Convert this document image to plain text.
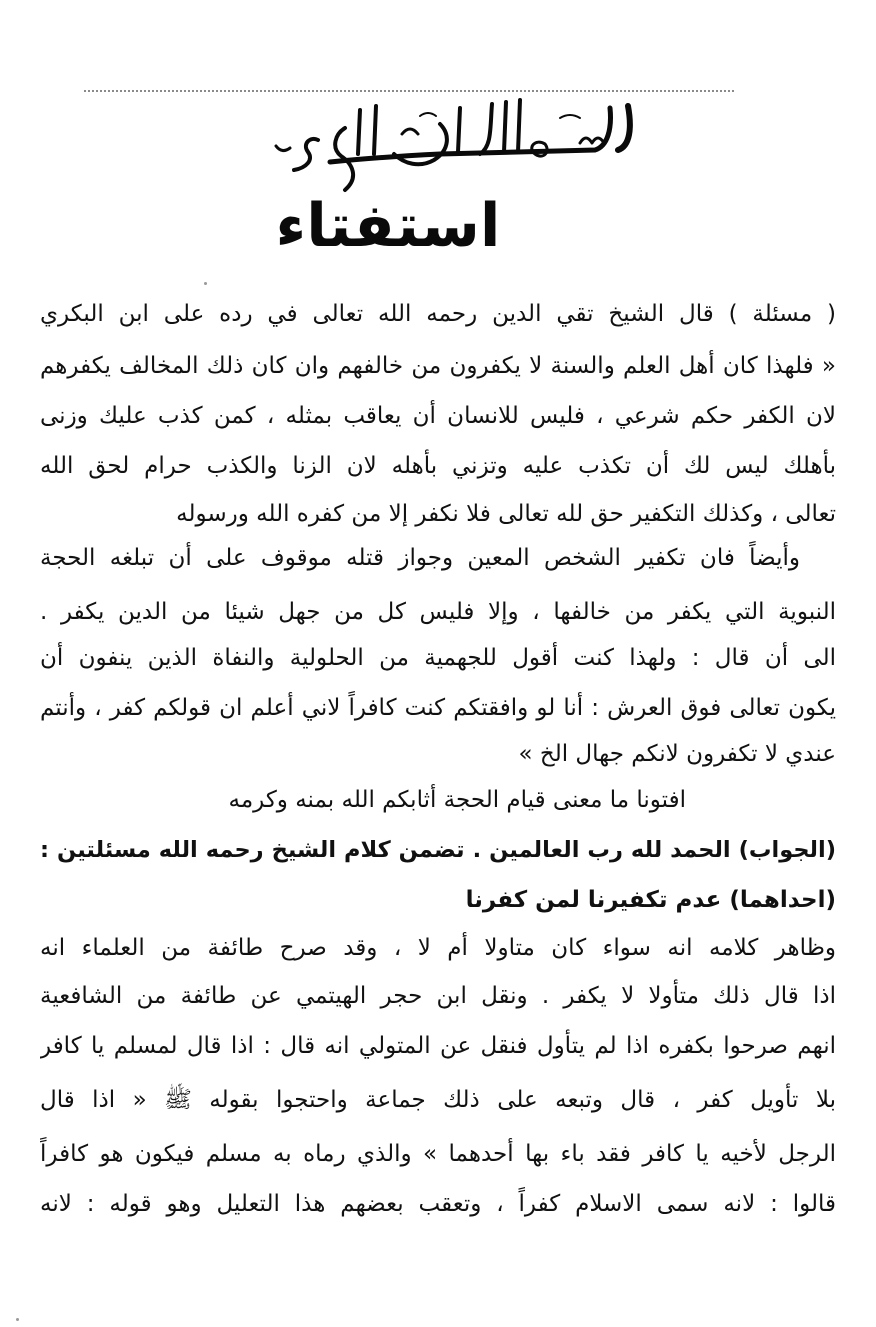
استفتاء
( مسئلة ) قال الشيخ تقي الدين رحمه الله تعالى في رده على ابن البكري
« فلهذا كان أهل العلم والسنة لا يكفرون من خالفهم وان كان ذلك المخالف يكفرهم
لان الكفر حكم شرعي ، فليس للانسان أن يعاقب بمثله ، كمن كذب عليك وزنى
بأهلك ليس لك أن تكذب عليه وتزني بأهله لان الزنا والكذب حرام لحق الله
تعالى ، وكذلك التكفير حق لله تعالى فلا نكفر إلا من كفره الله ورسوله
وأيضاً فان تكفير الشخص المعين وجواز قتله موقوف على أن تبلغه الحجة
النبوية التي يكفر من خالفها ، وإلا فليس كل من جهل شيئا من الدين يكفر .
الى أن قال : ولهذا كنت أقول للجهمية من الحلولية والنفاة الذين ينفون أن
يكون تعالى فوق العرش : أنا لو وافقتكم كنت كافراً لاني أعلم ان قولكم كفر ، وأنتم
عندي لا تكفرون لانكم جهال الخ »
افتونا ما معنى قيام الحجة أثابكم الله بمنه وكرمه
(الجواب) الحمد لله رب العالمين . تضمن كلام الشيخ رحمه الله مسئلتين :
(احداهما) عدم تكفيرنا لمن كفرنا
وظاهر كلامه انه سواء كان متاولا أم لا ، وقد صرح طائفة من العلماء انه
اذا قال ذلك متأولا لا يكفر . ونقل ابن حجر الهيتمي عن طائفة من الشافعية
انهم صرحوا بكفره اذا لم يتأول فنقل عن المتولي انه قال : اذا قال لمسلم يا كافر
بلا تأويل كفر ، قال وتبعه على ذلك جماعة واحتجوا بقوله ﷺ « اذا قال
الرجل لأخيه يا كافر فقد باء بها أحدهما » والذي رماه به مسلم فيكون هو كافراً
قالوا : لانه سمى الاسلام كفراً ، وتعقب بعضهم هذا التعليل وهو قوله : لانه
